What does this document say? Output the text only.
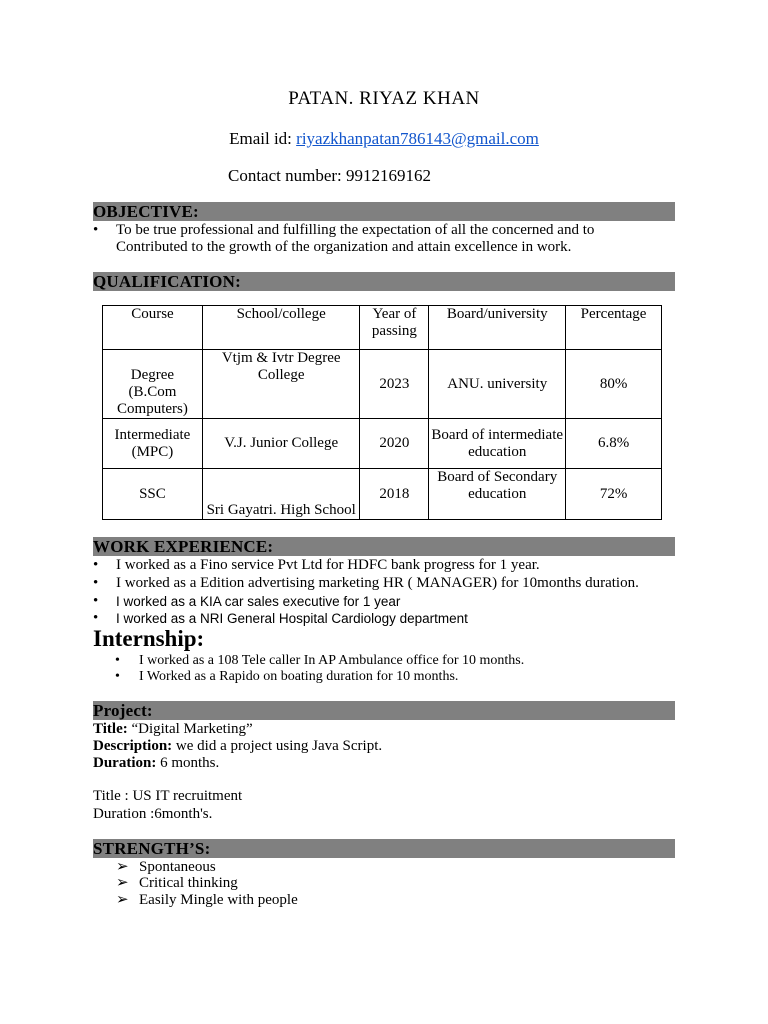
PATAN. RIYAZ KHAN
Email id: riyazkhanpatan786143@gmail.com
Contact number: 9912169162
OBJECTIVE:
•	To be true professional and fulfilling the expectation of all the concerned and to
Contributed to the growth of the organization and attain excellence in work.
QUALIFICATION:
Course	School/college	Year of passing	Board/university	Percentage
Degree (B.Com Computers)	Vtjm & Ivtr Degree College	2023	ANU. university	80%
Intermediate (MPC)	V.J. Junior College	2020	Board of intermediate education	6.8%
SSC	Sri Gayatri. High School	2018	Board of Secondary education	72%
WORK EXPERIENCE:
•	I worked as a Fino service Pvt Ltd for HDFC bank progress for 1 year.
•	I worked as a Edition advertising marketing HR ( MANAGER) for 10months duration.
•	I worked as a KIA car sales executive for 1 year
•	I worked as a NRI General Hospital Cardiology department
Internship:
• I worked as a 108 Tele caller In AP Ambulance office for 10 months.
• I Worked as a Rapido on boating duration for 10 months.
Project:
Title: “Digital Marketing”
Description: we did a project using Java Script.
Duration: 6 months.
Title : US IT recruitment
Duration :6month's.
STRENGTH’S:
➢ Spontaneous
➢ Critical thinking
➢ Easily Mingle with people
